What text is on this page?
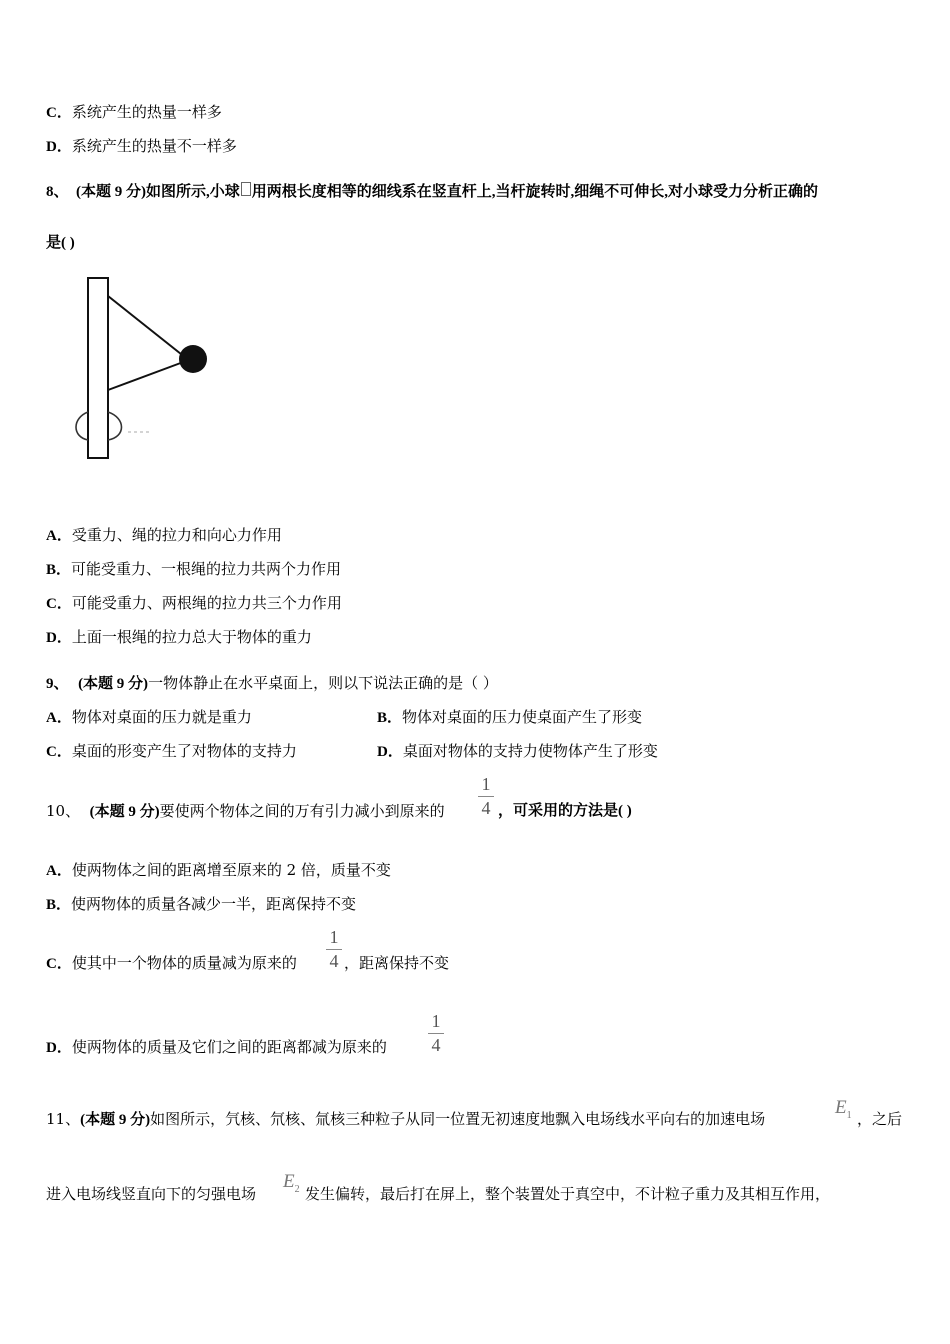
C．系统产生的热量一样多
D．系统产生的热量不一样多
8、 (本题 9 分)如图所示,小球 用两根长度相等的细线系在竖直杆上,当杆旋转时,细绳不可伸长,对小球受力分析正确的
是( )
A．受重力、绳的拉力和向心力作用
B．可能受重力、一根绳的拉力共两个力作用
C．可能受重力、两根绳的拉力共三个力作用
D．上面一根绳的拉力总大于物体的重力
9、 (本题 9 分)一物体静止在水平桌面上，则以下说法正确的是（ ）
A．物体对桌面的压力就是重力	B．物体对桌面的压力使桌面产生了形变
C．桌面的形变产生了对物体的支持力	D．桌面对物体的支持力使物体产生了形变
10、 (本题 9 分)要使两个物体之间的万有引力减小到原来的
1
4 ，可采用的方法是( )
A．使两物体之间的距离增至原来的 2 倍，质量不变
B．使两物体的质量各减少一半，距离保持不变
C．使其中一个物体的质量减为原来的
1
4 ，距离保持不变
D．使两物体的质量及它们之间的距离都减为原来的
1
4
11、(本题 9 分)如图所示，氕核、氘核、氚核三种粒子从同一位置无初速度地飘入电场线水平向右的加速电场
$E_1$ ，之后
进入电场线竖直向下的匀强电场
$E_2$ 发生偏转，最后打在屏上，整个装置处于真空中，不计粒子重力及其相互作用，
